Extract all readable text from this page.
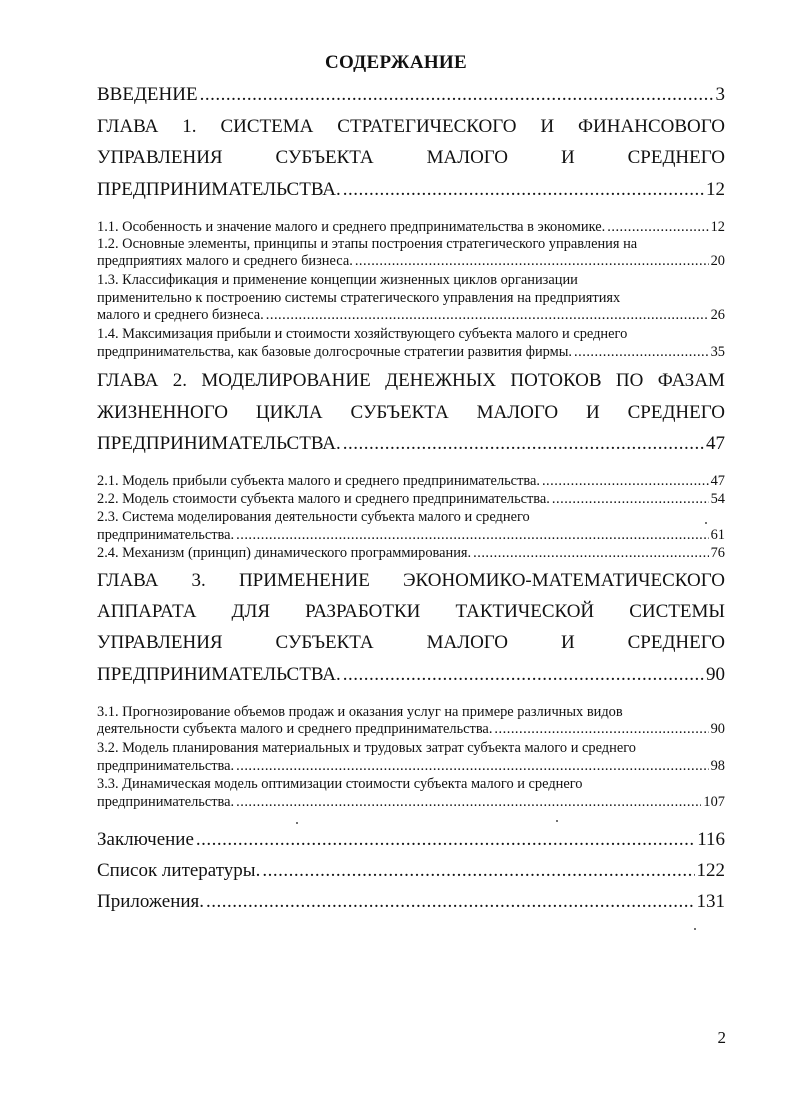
СОДЕРЖАНИЕ
ВВЕДЕНИЕ .....	3
ГЛАВА 1. СИСТЕМА СТРАТЕГИЧЕСКОГО И ФИНАНСОВОГО
УПРАВЛЕНИЯ	СУБЪЕКТА	МАЛОГО	И	СРЕДНЕГО
ПРЕДПРИНИМАТЕЛЬСТВА. .....	12
1.1. Особенность и значение малого и среднего предпринимательства в экономике. .....	12
1.2. Основные элементы, принципы и этапы построения стратегического управления на
предприятиях малого и среднего бизнеса. .....	20
1.3. Классификация и применение концепции жизненных циклов организации
применительно к построению системы стратегического управления на предприятиях
малого и среднего бизнеса. .....	26
1.4. Максимизация прибыли и стоимости хозяйствующего субъекта малого и среднего
предпринимательства, как базовые долгосрочные стратегии развития фирмы. .....	35
ГЛАВА 2. МОДЕЛИРОВАНИЕ ДЕНЕЖНЫХ ПОТОКОВ ПО ФАЗАМ
ЖИЗНЕННОГО ЦИКЛА СУБЪЕКТА МАЛОГО И СРЕДНЕГО
ПРЕДПРИНИМАТЕЛЬСТВА. .....	47
2.1. Модель прибыли субъекта малого и среднего предпринимательства. .....	47
2.2. Модель стоимости субъекта малого и среднего предпринимательства. .....	54
2.3. Система моделирования деятельности субъекта малого и среднего
предпринимательства. .....	61
2.4. Механизм (принцип) динамического программирования. .....	76
ГЛАВА 3. ПРИМЕНЕНИЕ ЭКОНОМИКО-МАТЕМАТИЧЕСКОГО
АППАРАТА ДЛЯ РАЗРАБОТКИ ТАКТИЧЕСКОЙ СИСТЕМЫ
УПРАВЛЕНИЯ	СУБЪЕКТА	МАЛОГО	И	СРЕДНЕГО
ПРЕДПРИНИМАТЕЛЬСТВА. .....	90
3.1. Прогнозирование объемов продаж и оказания услуг на примере различных видов
деятельности субъекта малого и среднего предпринимательства. .....	90
3.2. Модель планирования материальных и трудовых затрат субъекта малого и среднего
предпринимательства. .....	98
3.3. Динамическая модель оптимизации стоимости субъекта малого и среднего
предпринимательства. .....	107
Заключение .....	116
Список литературы. .....	122
Приложения. .....	131
2
